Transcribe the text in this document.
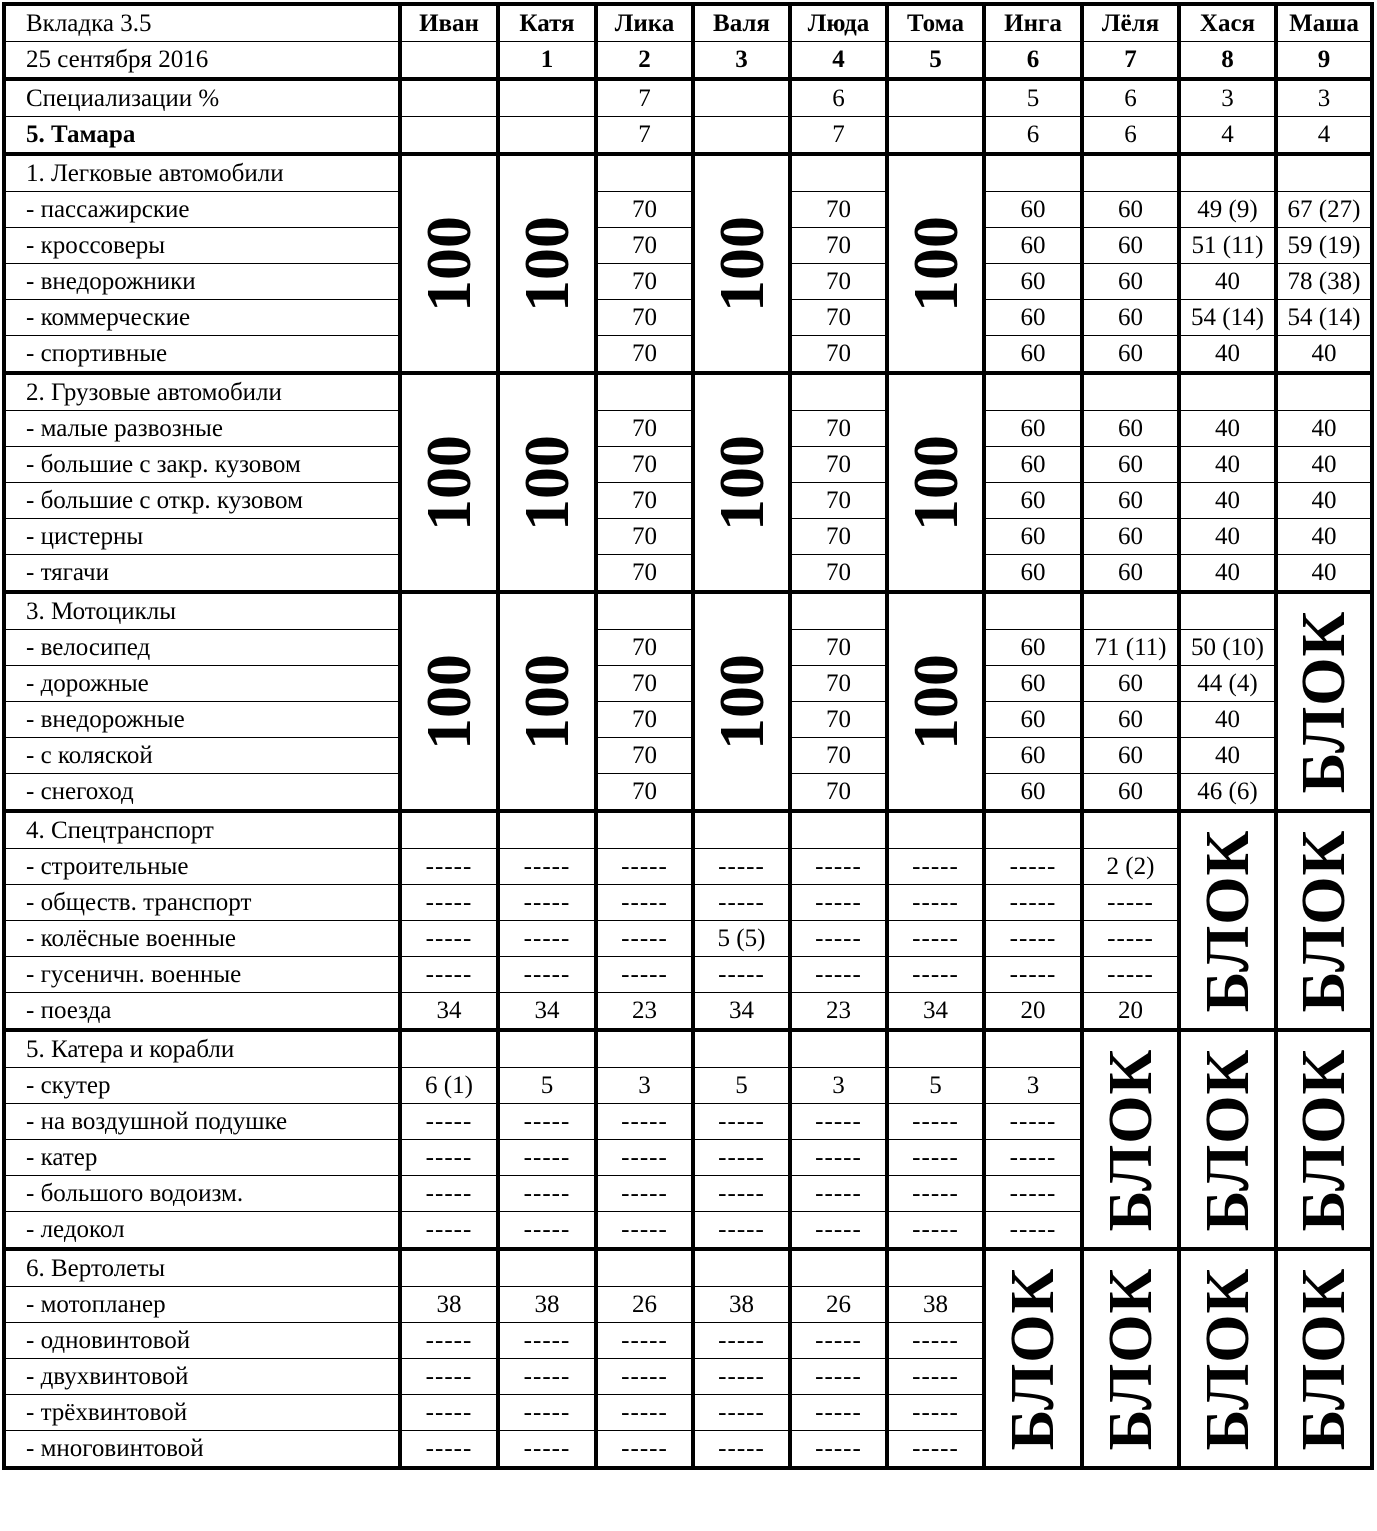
Вкладка 3.5	Иван	Катя	Лика	Валя	Люда	Тома	Инга	Лёля	Хася	Маша
25 сентября 2016		1	2	3	4	5	6	7	8	9
Специализации %			7		6		5	6	3	3
5. Тамара			7		7		6	6	4	4
1. Легковые автомобили	100	100		100		100				

- пассажирские			70		70		60	60	49 (9)	67 (27)
- кроссоверы			70		70		60	60	51 (11)	59 (19)
- внедорожники			70		70		60	60	40	78 (38)
- коммерческие			70		70		60	60	54 (14)	54 (14)
- спортивные			70		70		60	60	40	40
2. Грузовые автомобили	100	100		100		100				

- малые развозные			70		70		60	60	40	40
- большие с закр. кузовом			70		70		60	60	40	40
- большие с откр. кузовом			70		70		60	60	40	40
- цистерны			70		70		60	60	40	40
- тягачи			70		70		60	60	40	40
3. Мотоциклы	100	100		100		100				БЛОК

- велосипед			70		70		60	71 (11)	50 (10)	
- дорожные			70		70		60	60	44 (4)	
- внедорожные			70		70		60	60	40	
- с коляской			70		70		60	60	40	
- снегоход			70		70		60	60	46 (6)	
4. Спецтранспорт									БЛОК	БЛОК

- строительные	-----	-----	-----	-----	-----	-----	-----	2 (2)		
- обществ. транспорт	-----	-----	-----	-----	-----	-----	-----	-----		
- колёсные военные	-----	-----	-----	5 (5)	-----	-----	-----	-----		
- гусеничн. военные	-----	-----	-----	-----	-----	-----	-----	-----		
- поезда	34	34	23	34	23	34	20	20		
5. Катера и корабли								БЛОК	БЛОК	БЛОК

- скутер	6 (1)	5	3	5	3	5	3			
- на воздушной подушке	-----	-----	-----	-----	-----	-----	-----			
- катер	-----	-----	-----	-----	-----	-----	-----			
- большого водоизм.	-----	-----	-----	-----	-----	-----	-----			
- ледокол	-----	-----	-----	-----	-----	-----	-----			
6. Вертолеты							БЛОК	БЛОК	БЛОК	БЛОК

- мотопланер	38	38	26	38	26	38				
- одновинтовой	-----	-----	-----	-----	-----	-----				
- двухвинтовой	-----	-----	-----	-----	-----	-----				
- трёхвинтовой	-----	-----	-----	-----	-----	-----				
- многовинтовой	-----	-----	-----	-----	-----	-----				
